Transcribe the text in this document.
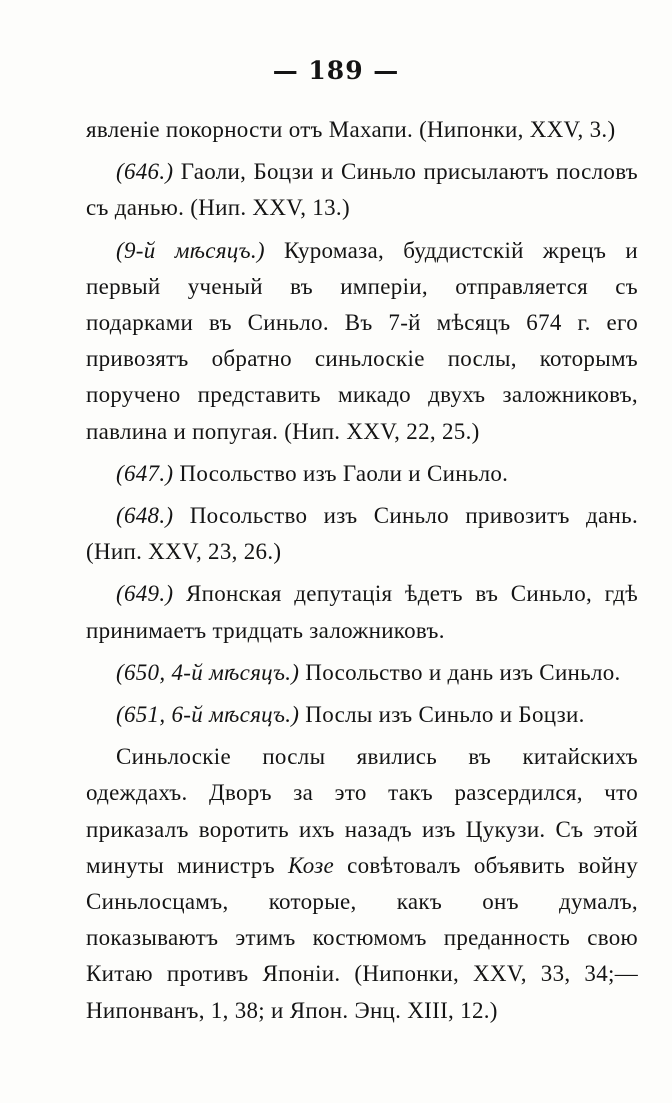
— 189 —

явленіе покорности отъ Махапи. (Нипонки, XXV, 3.)

(646.) Гаоли, Боцзи и Синьло присылаютъ пословъ съ данью. (Нип. XXV, 13.)

(9-й мѣсяцъ.) Куромаза, буддистскій жрецъ и первый ученый въ имперіи, отправляется съ подарками въ Синьло. Въ 7-й мѣсяцъ 674 г. его привозятъ обратно синьлоскіе послы, которымъ поручено представить микадо двухъ заложниковъ, павлина и попугая. (Нип. XXV, 22, 25.)

(647.) Посольство изъ Гаоли и Синьло.

(648.) Посольство изъ Синьло привозитъ дань. (Нип. XXV, 23, 26.)

(649.) Японская депутація ѣдетъ въ Синьло, гдѣ принимаетъ тридцать заложниковъ.

(650, 4-й мѣсяцъ.) Посольство и дань изъ Синьло.

(651, 6-й мѣсяцъ.) Послы изъ Синьло и Боцзи.

Синьлоскіе послы явились въ китайскихъ одеждахъ. Дворъ за это такъ разсердился, что приказалъ воротить ихъ назадъ изъ Цукузи. Съ этой минуты министръ Козе совѣтовалъ объявить войну Синьлосцамъ, которые, какъ онъ думалъ, показываютъ этимъ костюмомъ преданность свою Китаю противъ Японіи. (Нипонки, XXV, 33, 34;—Нипонванъ, 1, 38; и Япон. Энц. XIII, 12.)
